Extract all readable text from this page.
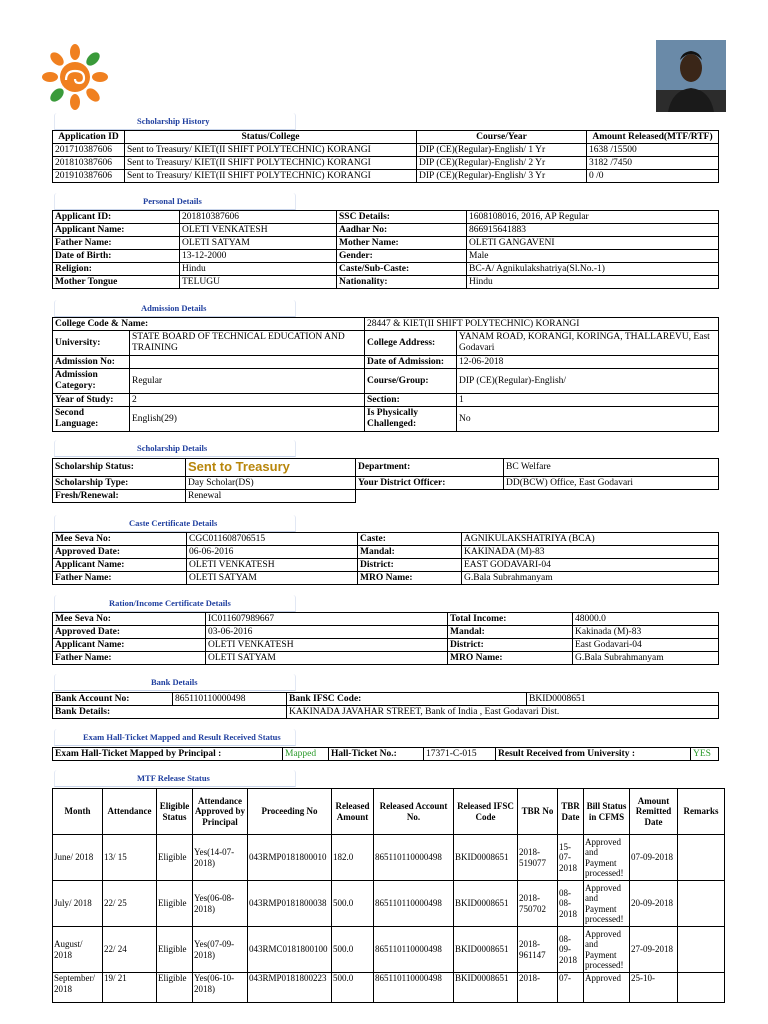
Scholarship History
Application ID	Status/College	Course/Year	Amount Released(MTF/RTF)
201710387606	Sent to Treasury/ KIET(II SHIFT POLYTECHNIC) KORANGI	DIP (CE)(Regular)-English/ 1 Yr	1638 /15500
201810387606	Sent to Treasury/ KIET(II SHIFT POLYTECHNIC) KORANGI	DIP (CE)(Regular)-English/ 2 Yr	3182 /7450
201910387606	Sent to Treasury/ KIET(II SHIFT POLYTECHNIC) KORANGI	DIP (CE)(Regular)-English/ 3 Yr	0 /0
Personal Details
Applicant ID:	201810387606	SSC Details:	1608108016, 2016, AP Regular
Applicant Name:	OLETI VENKATESH	Aadhar No:	866915641883
Father Name:	OLETI SATYAM	Mother Name:	OLETI GANGAVENI
Date of Birth:	13-12-2000	Gender:	Male
Religion:	Hindu	Caste/Sub-Caste:	BC-A/ Agnikulakshatriya(Sl.No.-1)
Mother Tongue	TELUGU	Nationality:	Hindu
Admission Details
College Code & Name:		28447 & KIET(II SHIFT POLYTECHNIC) KORANGI	
University:	STATE BOARD OF TECHNICAL EDUCATION AND TRAINING	College Address:	YANAM ROAD, KORANGI, KORINGA, THALLAREVU, East Godavari
Admission No:		Date of Admission:	12-06-2018
Admission Category:	Regular	Course/Group:	DIP (CE)(Regular)-English/
Year of Study:	2	Section:	1
Second Language:	English(29)	Is Physically Challenged:	No
Scholarship Details
Scholarship Status:	Sent to Treasury	Department:	BC Welfare
Scholarship Type:	Day Scholar(DS)	Your District Officer:	DD(BCW) Office, East Godavari
Fresh/Renewal:	Renewal		
Caste Certificate Details
Mee Seva No:	CGC011608706515	Caste:	AGNIKULAKSHATRIYA (BCA)
Approved Date:	06-06-2016	Mandal:	KAKINADA (M)-83
Applicant Name:	OLETI VENKATESH	District:	EAST GODAVARI-04
Father Name:	OLETI SATYAM	MRO Name:	G.Bala Subrahmanyam
Ration/Income Certificate Details
Mee Seva No:	IC011607989667	Total Income:	48000.0
Approved Date:	03-06-2016	Mandal:	Kakinada (M)-83
Applicant Name:	OLETI VENKATESH	District:	East Godavari-04
Father Name:	OLETI SATYAM	MRO Name:	G.Bala Subrahmanyam
Bank Details
Bank Account No:	865110110000498	Bank IFSC Code:	BKID0008651
Bank Details:		KAKINADA JAVAHAR STREET, Bank of India , East Godavari Dist.	
Exam Hall-Ticket Mapped and Result Received Status
Exam Hall-Ticket Mapped by Principal :	Mapped	Hall-Ticket No.:	17371-C-015	Result Received from University :	YES
MTF Release Status
Month	Attendance	Eligible Status	Attendance Approved by Principal	Proceeding No	Released Amount	Released Account No.	Released IFSC Code	TBR No	TBR Date	Bill Status in CFMS	Amount Remitted Date	Remarks
June/ 2018	13/ 15	Eligible	Yes(14-07-2018)	043RMP0181800010	182.0	865110110000498	BKID0008651	2018-519077	15-07-2018	Approved and Payment processed!	07-09-2018	
July/ 2018	22/ 25	Eligible	Yes(06-08-2018)	043RMP0181800038	500.0	865110110000498	BKID0008651	2018-750702	08-08-2018	Approved and Payment processed!	20-09-2018	
August/ 2018	22/ 24	Eligible	Yes(07-09-2018)	043RMC0181800100	500.0	865110110000498	BKID0008651	2018-961147	08-09-2018	Approved and Payment processed!	27-09-2018	
September/ 2018	19/ 21	Eligible	Yes(06-10-2018)	043RMP0181800223	500.0	865110110000498	BKID0008651	2018-	07-	Approved	25-10-	
